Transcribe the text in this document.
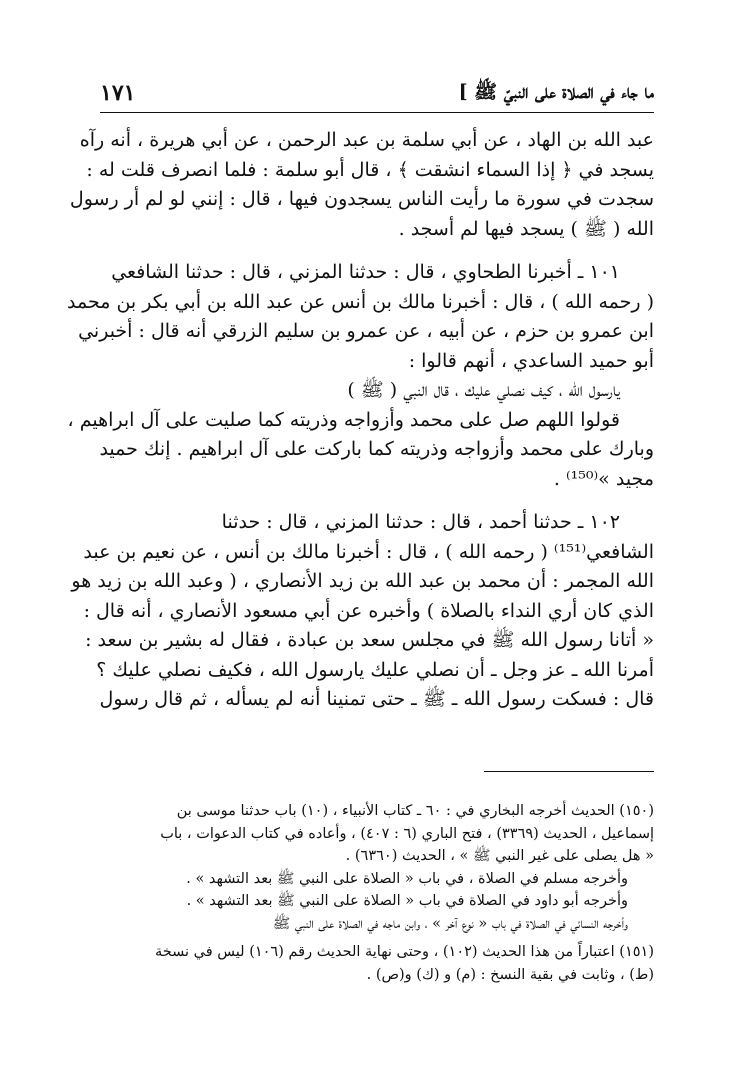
ما جاء في الصلاة على النبيّ ﷺ ]
١٧١
عبد الله بن الهاد ، عن أبي سلمة بن عبد الرحمن ، عن أبي هريرة ، أنه رآه
يسجد في ﴿ إذا السماء انشقت ﴾ ، قال أبو سلمة : فلما انصرف قلت له :
سجدت في سورة ما رأيت الناس يسجدون فيها ، قال : إنني لو لم أر رسول
الله ( ﷺ ) يسجد فيها لم أسجد .
١٠١ ـ أخبرنا الطحاوي ، قال : حدثنا المزني ، قال : حدثنا الشافعي
( رحمه الله ) ، قال : أخبرنا مالك بن أنس عن عبد الله بن أبي بكر بن محمد
ابن عمرو بن حزم ، عن أبيه ، عن عمرو بن سليم الزرقي أنه قال : أخبرني
أبو حميد الساعدي ، أنهم قالوا :
يارسول الله ، كيف نصلي عليك ، قال النبي ( ﷺ )
قولوا اللهم صل على محمد وأزواجه وذريته كما صليت على آل ابراهيم ،
وبارك على محمد وأزواجه وذريته كما باركت على آل ابراهيم . إنك حميد
مجيد »⁽¹⁵⁰⁾ .
١٠٢ ـ حدثنا أحمد ، قال : حدثنا المزني ، قال : حدثنا
الشافعي⁽¹⁵¹⁾ ( رحمه الله ) ، قال : أخبرنا مالك بن أنس ، عن نعيم بن عبد
الله المجمر : أن محمد بن عبد الله بن زيد الأنصاري ، ( وعبد الله بن زيد هو
الذي كان أري النداء بالصلاة ) وأخبره عن أبي مسعود الأنصاري ، أنه قال :
« أتانا رسول الله ﷺ في مجلس سعد بن عبادة ، فقال له بشير بن سعد :
أمرنا الله ـ عز وجل ـ أن نصلي عليك يارسول الله ، فكيف نصلي عليك ؟
قال : فسكت رسول الله ـ ﷺ ـ حتى تمنينا أنه لم يسأله ، ثم قال رسول
(١٥٠) الحديث أخرجه البخاري في : ٦٠ ـ كتاب الأنبياء ، (١٠) باب حدثنا موسى بن
إسماعيل ، الحديث (٣٣٦٩) ، فتح الباري (٦ : ٤٠٧) ، وأعاده في كتاب الدعوات ، باب
« هل يصلى على غير النبي ﷺ » ، الحديث (٦٣٦٠) .
وأخرجه مسلم في الصلاة ، في باب « الصلاة على النبي ﷺ بعد التشهد » .
وأخرجه أبو داود في الصلاة في باب « الصلاة على النبي ﷺ بعد التشهد » .
وأخرجه النسائي في الصلاة في باب « نوع آخر » ، وابن ماجه في الصلاة على النبي ﷺ
(١٥١) اعتباراً من هذا الحديث (١٠٢) ، وحتى نهاية الحديث رقم (١٠٦) ليس في نسخة
(ط) ، وثابت في بقية النسخ : (م) و (ك) و(ص) .
